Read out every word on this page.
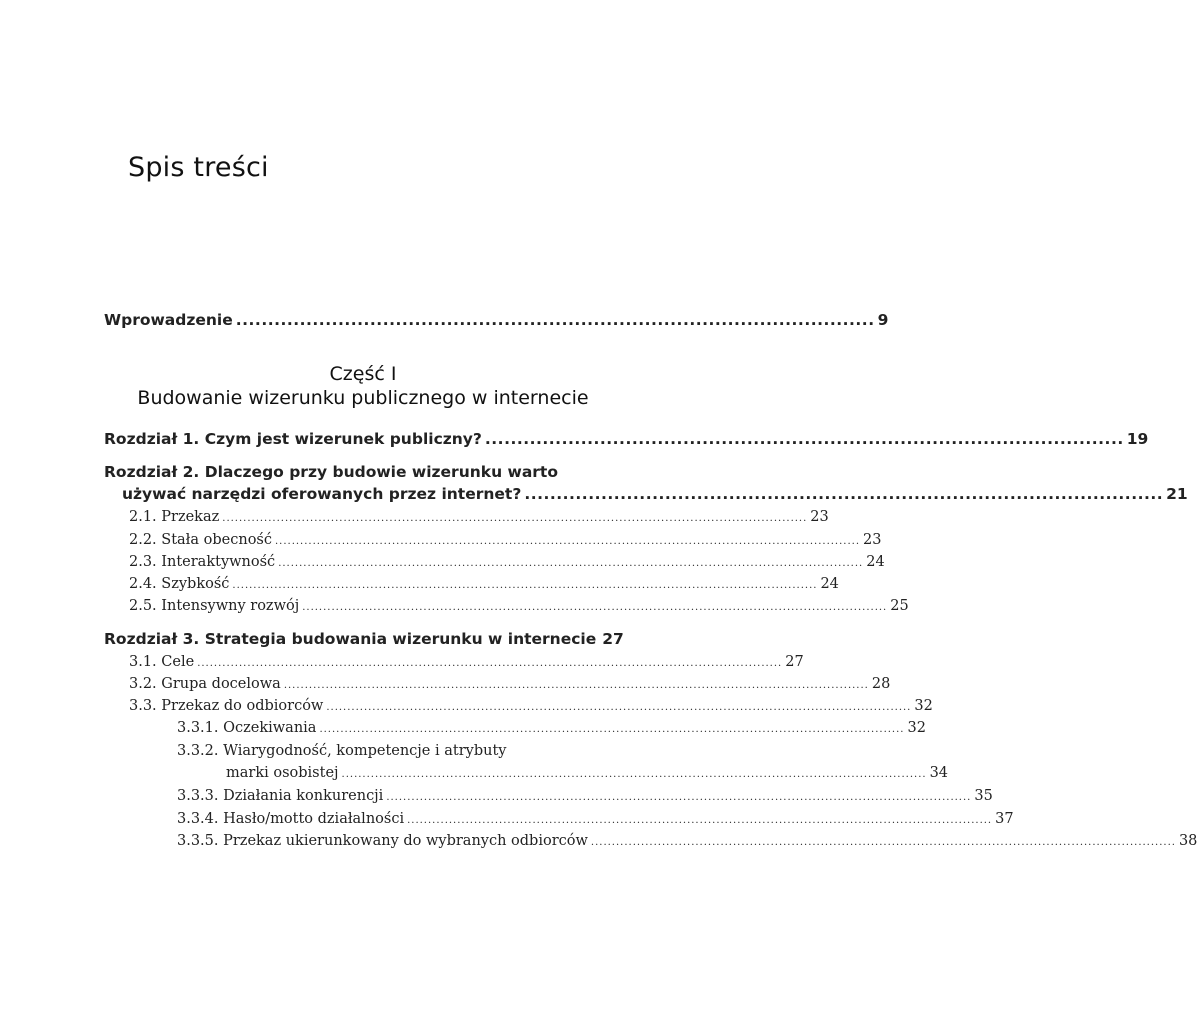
Spis treści
Wprowadzenie .................................................................................................... 9
Część I
Budowanie wizerunku publicznego w internecie
Rozdział 1. Czym jest wizerunek publiczny? .................................................................................................... 19
Rozdział 2. Dlaczego przy budowie wizerunku warto
używać narzędzi oferowanych przez internet? .................................................................................................... 21
2.1. Przekaz ............................................................................................................................................ 23
2.2. Stała obecność ............................................................................................................................................ 23
2.3. Interaktywność ............................................................................................................................................ 24
2.4. Szybkość ............................................................................................................................................ 24
2.5. Intensywny rozwój ............................................................................................................................................ 25
Rozdział 3. Strategia budowania wizerunku w internecie 27
3.1. Cele ............................................................................................................................................ 27
3.2. Grupa docelowa ............................................................................................................................................ 28
3.3. Przekaz do odbiorców ............................................................................................................................................ 32
3.3.1. Oczekiwania ............................................................................................................................................ 32
3.3.2. Wiarygodność, kompetencje i atrybuty
marki osobistej ............................................................................................................................................ 34
3.3.3. Działania konkurencji ............................................................................................................................................ 35
3.3.4. Hasło/motto działalności ............................................................................................................................................ 37
3.3.5. Przekaz ukierunkowany do wybranych odbiorców ............................................................................................................................................ 38
